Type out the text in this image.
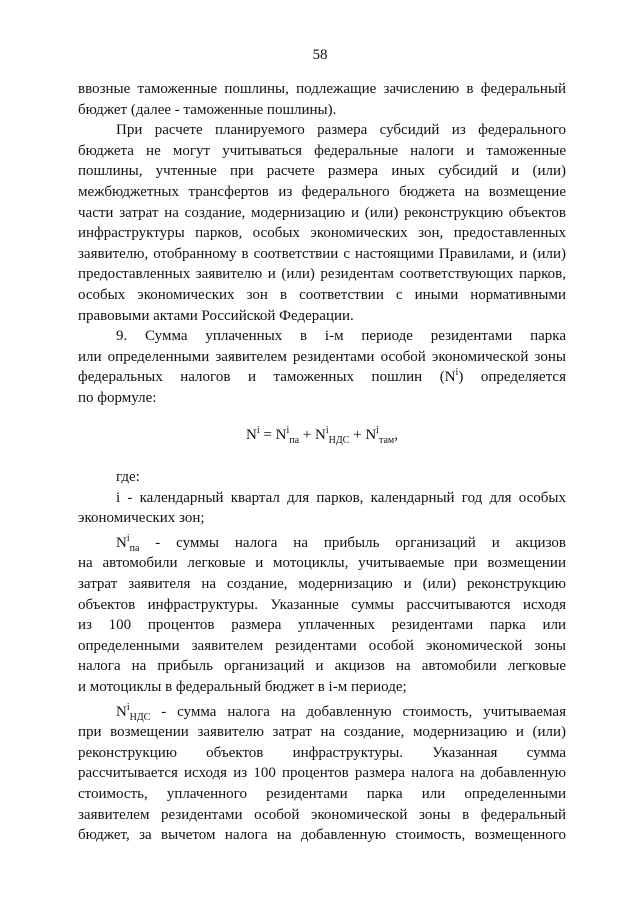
58

ввозные таможенные пошлины, подлежащие зачислению в федеральный
бюджет (далее - таможенные пошлины).

При расчете планируемого размера субсидий из федерального
бюджета не могут учитываться федеральные налоги и таможенные
пошлины, учтенные при расчете размера иных субсидий и (или)
межбюджетных трансфертов из федерального бюджета на возмещение
части затрат на создание, модернизацию и (или) реконструкцию объектов
инфраструктуры парков, особых экономических зон, предоставленных
заявителю, отобранному в соответствии с настоящими Правилами, и (или)
предоставленных заявителю и (или) резидентам соответствующих парков,
особых экономических зон в соответствии с иными нормативными
правовыми актами Российской Федерации.

9. Сумма уплаченных в i-м периоде резидентами парка
или определенными заявителем резидентами особой экономической зоны
федеральных налогов и таможенных пошлин $(N^i)$ определяется
по формуле:

$N^i = N^i_{па} + N^i_{НДС} + N^i_{там}$,

где:

i - календарный квартал для парков, календарный год для особых
экономических зон;

$N^i_{па}$ - суммы налога на прибыль организаций и акцизов
на автомобили легковые и мотоциклы, учитываемые при возмещении
затрат заявителя на создание, модернизацию и (или) реконструкцию
объектов инфраструктуры. Указанные суммы рассчитываются исходя
из 100 процентов размера уплаченных резидентами парка или
определенными заявителем резидентами особой экономической зоны
налога на прибыль организаций и акцизов на автомобили легковые
и мотоциклы в федеральный бюджет в i-м периоде;

$N^i_{НДС}$ - сумма налога на добавленную стоимость, учитываемая
при возмещении заявителю затрат на создание, модернизацию и (или)
реконструкцию объектов инфраструктуры. Указанная сумма
рассчитывается исходя из 100 процентов размера налога на добавленную
стоимость, уплаченного резидентами парка или определенными
заявителем резидентами особой экономической зоны в федеральный
бюджет, за вычетом налога на добавленную стоимость, возмещенного
